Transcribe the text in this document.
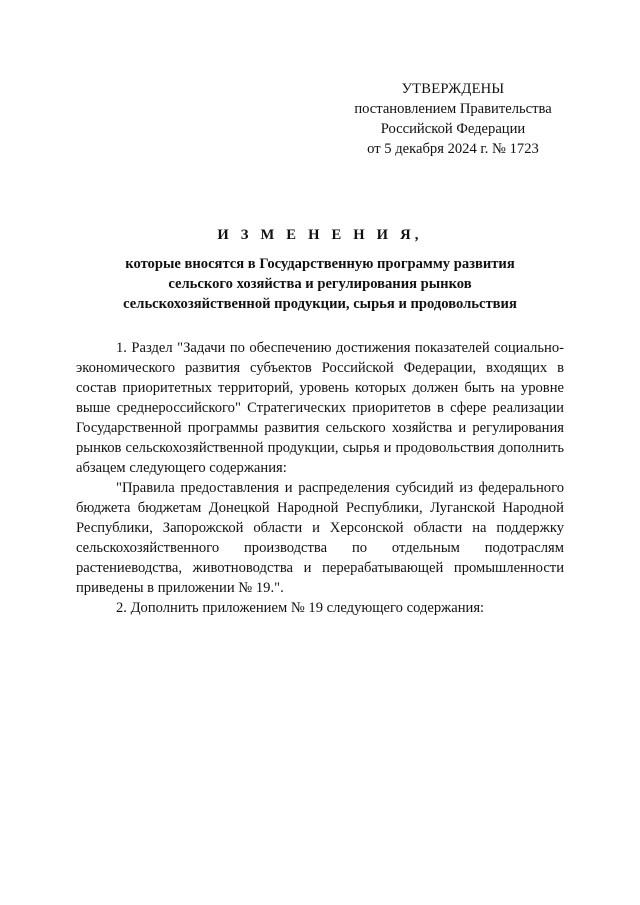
УТВЕРЖДЕНЫ
постановлением Правительства
Российской Федерации
от 5 декабря 2024 г. № 1723
И З М Е Н Е Н И Я,
которые вносятся в Государственную программу развития
сельского хозяйства и регулирования рынков
сельскохозяйственной продукции, сырья и продовольствия

1. Раздел "Задачи по обеспечению достижения показателей социально-экономического развития субъектов Российской Федерации, входящих в состав приоритетных территорий, уровень которых должен быть на уровне выше среднероссийского" Стратегических приоритетов в сфере реализации Государственной программы развития сельского хозяйства и регулирования рынков сельскохозяйственной продукции, сырья и продовольствия дополнить абзацем следующего содержания:

"Правила предоставления и распределения субсидий из федерального бюджета бюджетам Донецкой Народной Республики, Луганской Народной Республики, Запорожской области и Херсонской области на поддержку сельскохозяйственного производства по отдельным подотраслям растениеводства, животноводства и перерабатывающей промышленности приведены в приложении № 19.".

2. Дополнить приложением № 19 следующего содержания:
